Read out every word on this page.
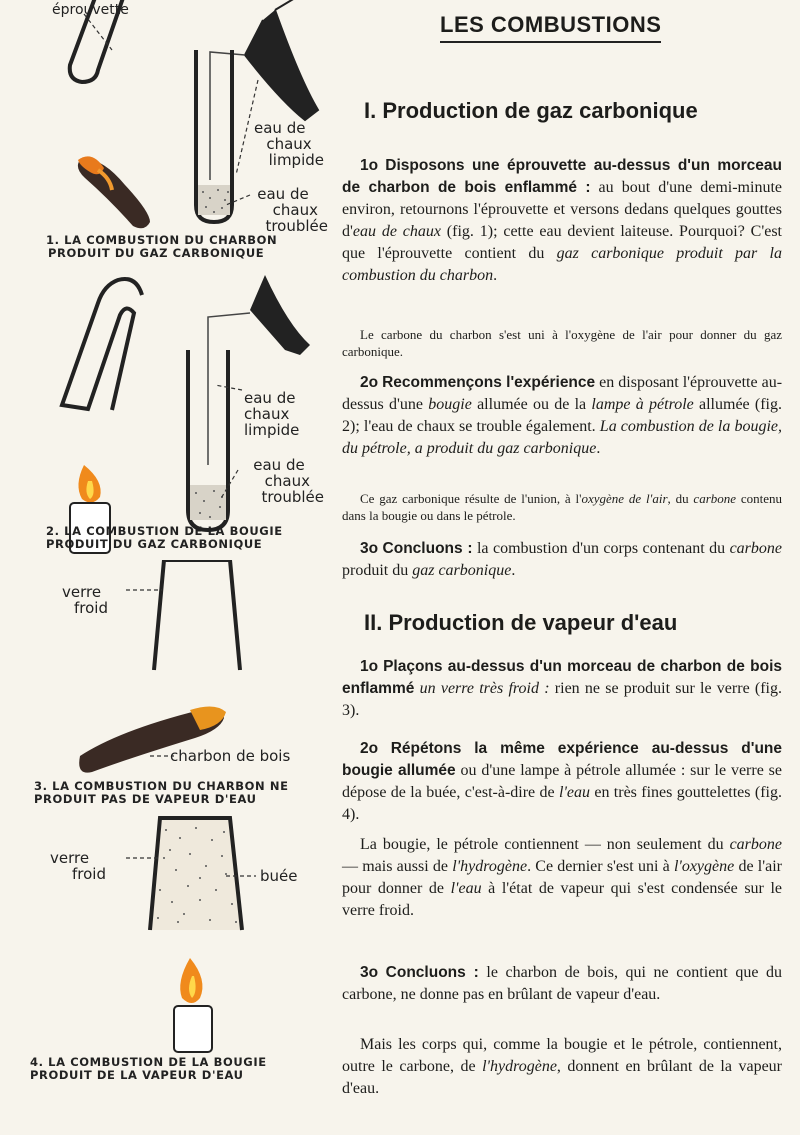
éprouvette
eau de
chaux
limpide
eau de
chaux
troublée
1. LA COMBUSTION DU CHARBON
PRODUIT DU GAZ CARBONIQUE
eau de
chaux
limpide
eau de
chaux
troublée
2. LA COMBUSTION DE LA BOUGIE
PRODUIT DU GAZ CARBONIQUE
verre
froid
charbon de bois
3. LA COMBUSTION DU CHARBON NE
PRODUIT PAS DE VAPEUR D'EAU
verre
froid	buée
4. LA COMBUSTION DE LA BOUGIE
PRODUIT DE LA VAPEUR D'EAU
LES COMBUSTIONS
I. Production de gaz carbonique
1o Disposons une éprouvette au-dessus d'un morceau de charbon de bois enflammé : au bout d'une demi-minute environ, retournons l'éprouvette et versons dedans quelques gouttes d'eau de chaux (fig. 1); cette eau devient laiteuse. Pourquoi? C'est que l'éprouvette contient du gaz carbonique produit par la combustion du charbon.
Le carbone du charbon s'est uni à l'oxygène de l'air pour donner du gaz carbonique.
2o Recommençons l'expérience en disposant l'éprouvette au-dessus d'une bougie allumée ou de la lampe à pétrole allumée (fig. 2); l'eau de chaux se trouble également. La combustion de la bougie, du pétrole, a produit du gaz carbonique.
Ce gaz carbonique résulte de l'union, à l'oxygène de l'air, du carbone contenu dans la bougie ou dans le pétrole.
3o Concluons : la combustion d'un corps contenant du carbone produit du gaz carbonique.
II. Production de vapeur d'eau
1o Plaçons au-dessus d'un morceau de charbon de bois enflammé un verre très froid : rien ne se produit sur le verre (fig. 3).
2o Répétons la même expérience au-dessus d'une bougie allumée ou d'une lampe à pétrole allumée : sur le verre se dépose de la buée, c'est-à-dire de l'eau en très fines gouttelettes (fig. 4).
La bougie, le pétrole contiennent — non seulement du carbone — mais aussi de l'hydrogène. Ce dernier s'est uni à l'oxygène de l'air pour donner de l'eau à l'état de vapeur qui s'est condensée sur le verre froid.
3o Concluons : le charbon de bois, qui ne contient que du carbone, ne donne pas en brûlant de vapeur d'eau.
Mais les corps qui, comme la bougie et le pétrole, contiennent, outre le carbone, de l'hydrogène, donnent en brûlant de la vapeur d'eau.
